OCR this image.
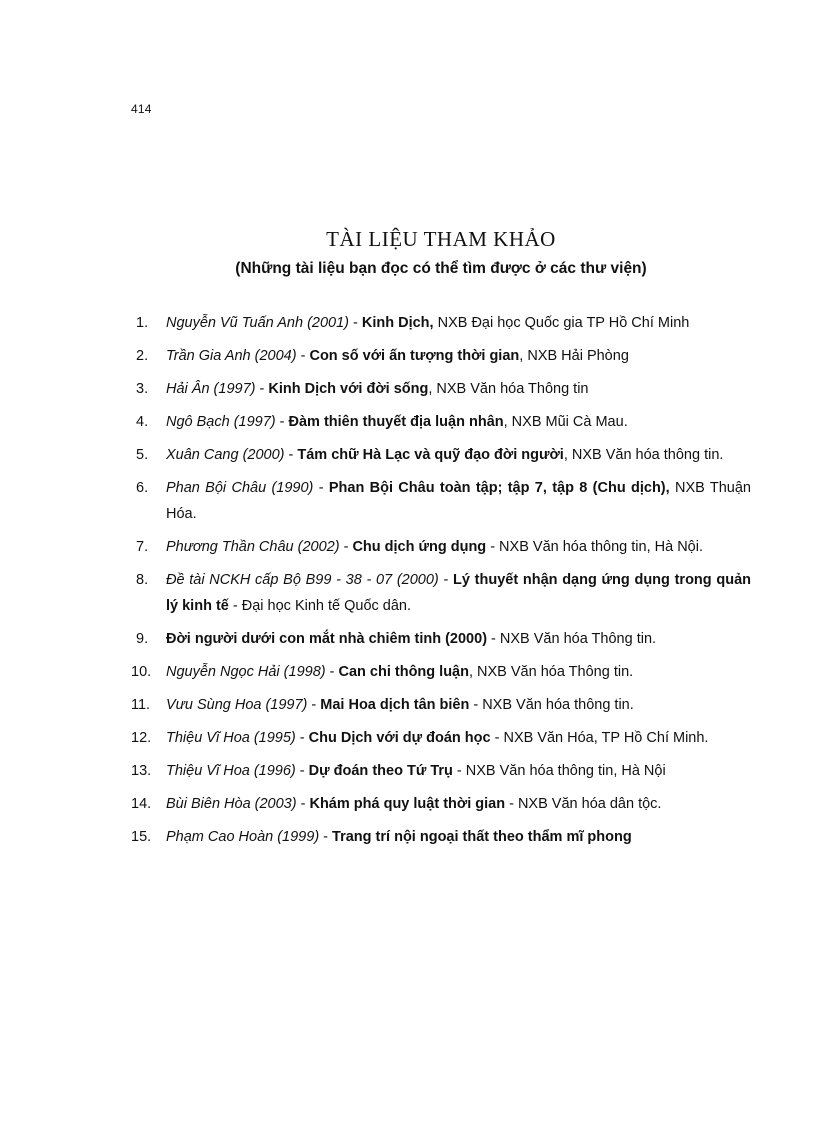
414
TÀI LIỆU THAM KHẢO
(Những tài liệu bạn đọc có thể tìm được ở các thư viện)
1. Nguyễn Vũ Tuấn Anh (2001) - Kinh Dịch, NXB Đại học Quốc gia TP Hồ Chí Minh
2. Trần Gia Anh (2004) - Con số với ấn tượng thời gian, NXB Hải Phòng
3. Hải Ân (1997) - Kinh Dịch với đời sống, NXB Văn hóa Thông tin
4. Ngô Bạch (1997) - Đàm thiên thuyết địa luận nhân, NXB Mũi Cà Mau.
5. Xuân Cang (2000) - Tám chữ Hà Lạc và quỹ đạo đời người, NXB Văn hóa thông tin.
6. Phan Bội Châu (1990) - Phan Bội Châu toàn tập; tập 7, tập 8 (Chu dịch), NXB Thuận Hóa.
7. Phương Thần Châu (2002) - Chu dịch ứng dụng - NXB Văn hóa thông tin, Hà Nội.
8. Đề tài NCKH cấp Bộ B99 - 38 - 07 (2000) - Lý thuyết nhận dạng ứng dụng trong quản lý kinh tế - Đại học Kinh tế Quốc dân.
9. Đời người dưới con mắt nhà chiêm tinh (2000) - NXB Văn hóa Thông tin.
10. Nguyễn Ngọc Hải (1998) - Can chi thông luận, NXB Văn hóa Thông tin.
11. Vưu Sùng Hoa (1997) - Mai Hoa dịch tân biên - NXB Văn hóa thông tin.
12. Thiệu Vĩ Hoa (1995) - Chu Dịch với dự đoán học - NXB Văn Hóa, TP Hồ Chí Minh.
13. Thiệu Vĩ Hoa (1996) - Dự đoán theo Tứ Trụ - NXB Văn hóa thông tin, Hà Nội
14. Bùi Biên Hòa (2003) - Khám phá quy luật thời gian - NXB Văn hóa dân tộc.
15. Phạm Cao Hoàn (1999) - Trang trí nội ngoại thất theo thẩm mĩ phong
